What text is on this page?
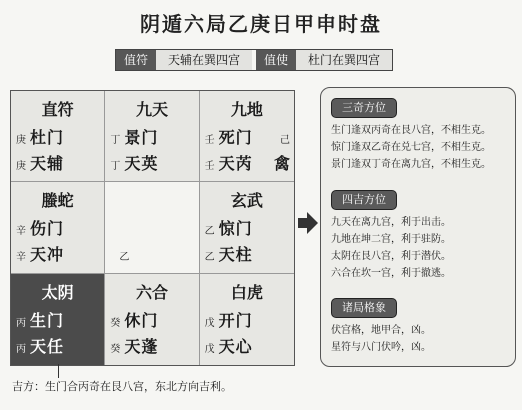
阴遁六局乙庚日甲申时盘
值符	天辅在巽四宫	值使	杜门在巽四宫
直符
庚 杜门
庚 天辅
九天
丁 景门
丁 天英
九地
壬 死门	己
壬 天芮 禽
螣蛇
辛 伤门
辛 天冲	乙
玄武
乙 惊门
乙 天柱
太阴
丙 生门
丙 天任
六合
癸 休门
癸 天蓬
白虎
戊 开门
戊 天心
三奇方位
生门逢双丙奇在艮八宫，不相生克。
惊门逢双乙奇在兑七宫，不相生克。
景门逢双丁奇在离九宫，不相生克。
四吉方位
九天在离九宫，利于出击。
九地在坤二宫，利于驻防。
太阴在艮八宫，利于潜伏。
六合在坎一宫，利于撤逃。
诸局格象
伏宫格，地甲合，凶。
星符与八门伏吟，凶。
吉方：生门合丙奇在艮八宫，东北方向吉利。
